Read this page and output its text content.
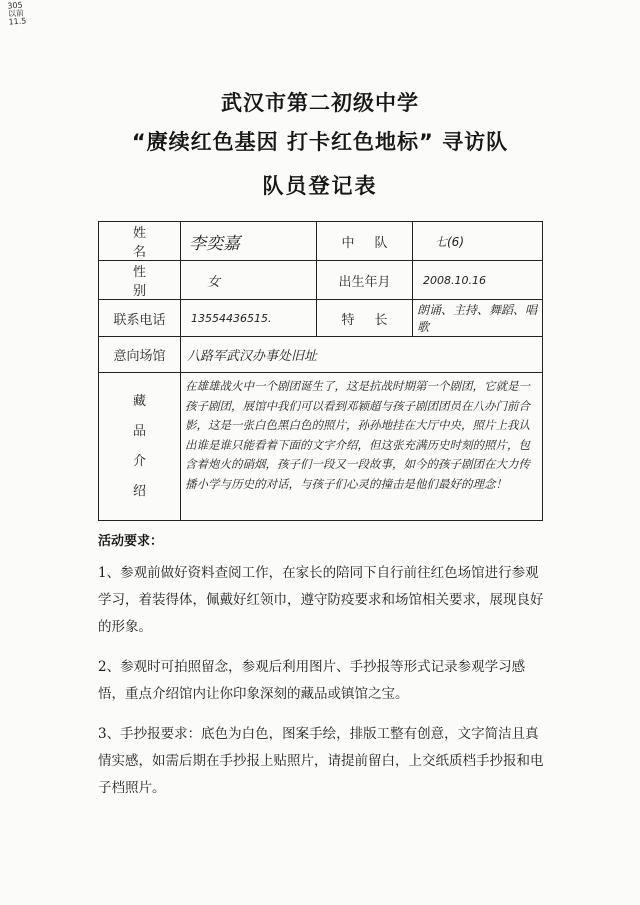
305
以前
11.5
武汉市第二初级中学
“赓续红色基因 打卡红色地标” 寻访队
队员登记表
姓名	李奕嘉	中队	七(6)
性别	女	出生年月	2008.10.16
联系电话	13554436515.	特长	朗诵、主持、舞蹈、唱歌
意向场馆	八路军武汉办事处旧址		

藏
品
介
绍	在雄雄战火中一个剧团诞生了，这是抗战时期第一个剧团，它就是一孩子剧团，展馆中我们可以看到邓颖超与孩子剧团团员在八办门前合影，这是一张白色黑白色的照片，孙孙地挂在大厅中央，照片上我认出谁是谁只能看着下面的文字介绍，但这张充满历史时刻的照片，包含着炮火的硝烟，孩子们一段又一段故事，如今的孩子剧团在大力传播小学与历史的对话，与孩子们心灵的撞击是他们最好的理念！		
活动要求：
1、参观前做好资料查阅工作，在家长的陪同下自行前往红色场馆进行参观学习，着装得体，佩戴好红领巾，遵守防疫要求和场馆相关要求，展现良好的形象。
2、参观时可拍照留念，参观后利用图片、手抄报等形式记录参观学习感悟，重点介绍馆内让你印象深刻的藏品或镇馆之宝。
3、手抄报要求：底色为白色，图案手绘，排版工整有创意，文字简洁且真情实感，如需后期在手抄报上贴照片，请提前留白，上交纸质档手抄报和电子档照片。
